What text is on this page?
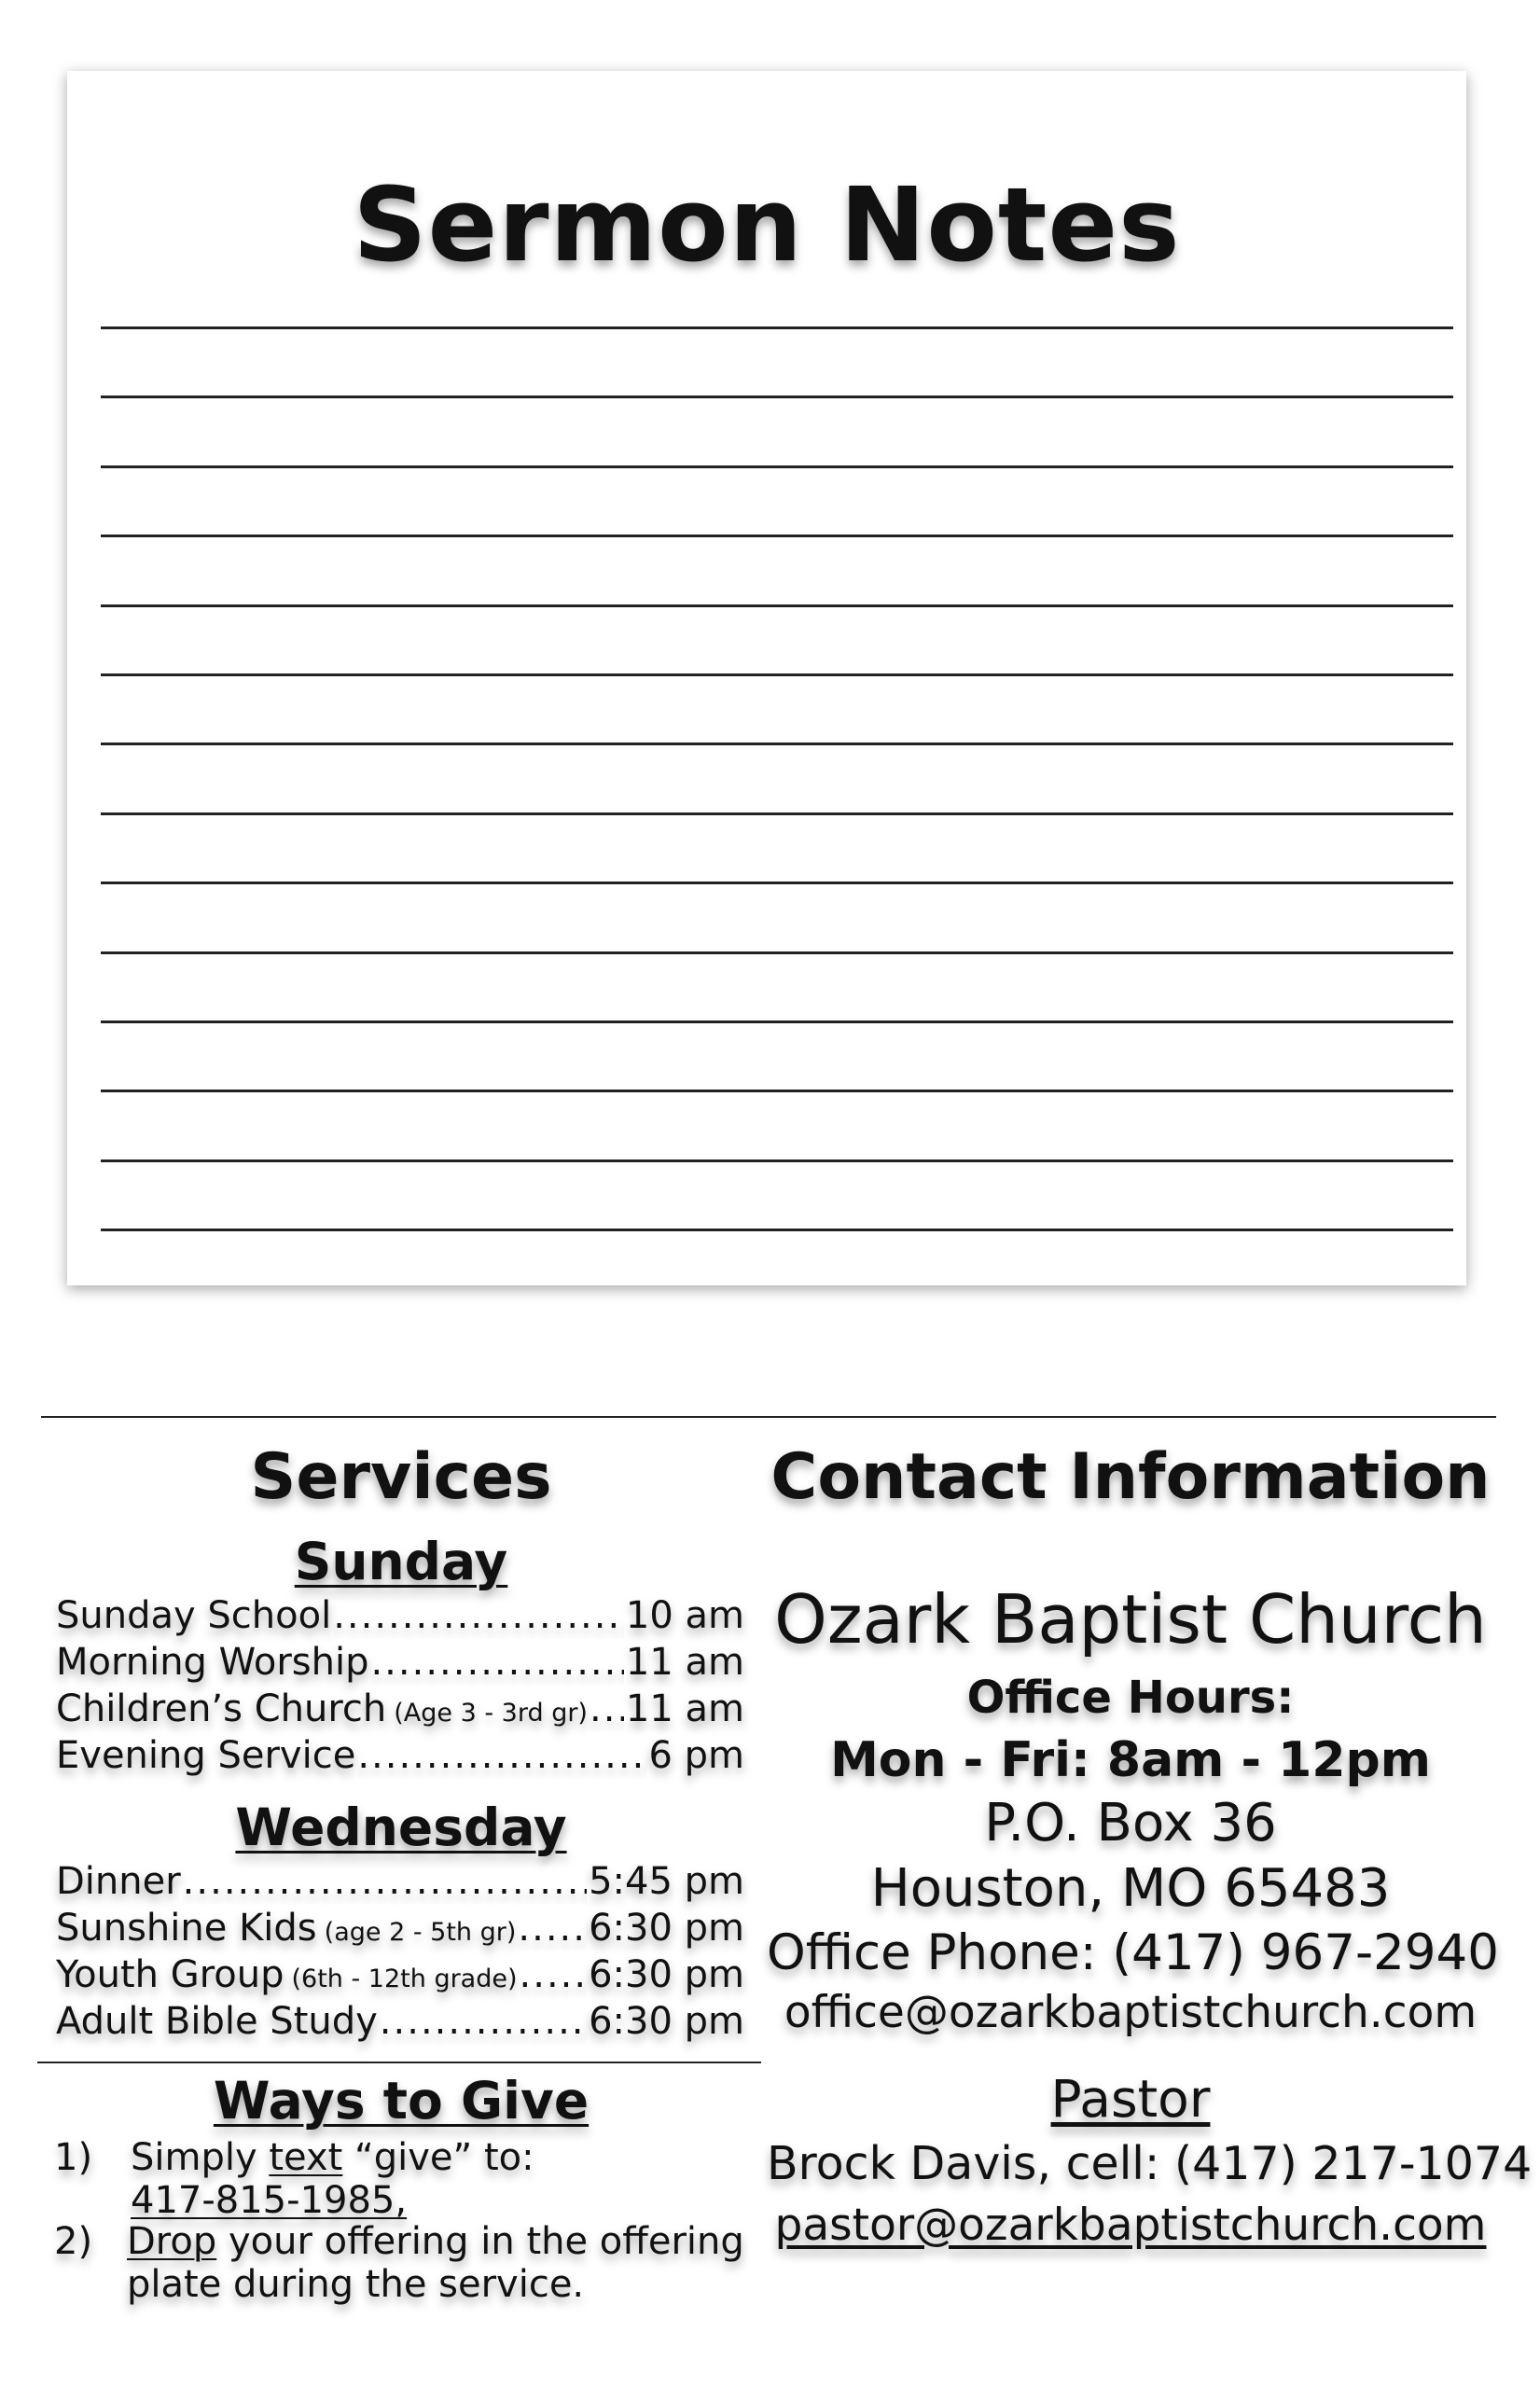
Sermon Notes
Services
Sunday
Sunday School .....	10 am
Morning Worship .....	11 am
Children’s Church (Age 3 - 3rd gr) ..... 11 am
Evening Service .....	6 pm
Wednesday
Dinner .....	5:45 pm
Sunshine Kids (age 2 - 5th gr) ..... 6:30 pm
Youth Group (6th - 12th grade) ..... 6:30 pm
Adult Bible Study .....	6:30 pm
Ways to Give
1) Simply text “give” to:
417-815-1985,
2) Drop your offering in the offering plate during the service.
Contact Information

Ozark Baptist Church

Office Hours:

Mon - Fri: 8am - 12pm

P.O. Box 36

Houston, MO 65483

Office Phone: (417) 967-2940

office@ozarkbaptistchurch.com

Pastor

Brock Davis, cell: (417) 217-1074

pastor@ozarkbaptistchurch.com
